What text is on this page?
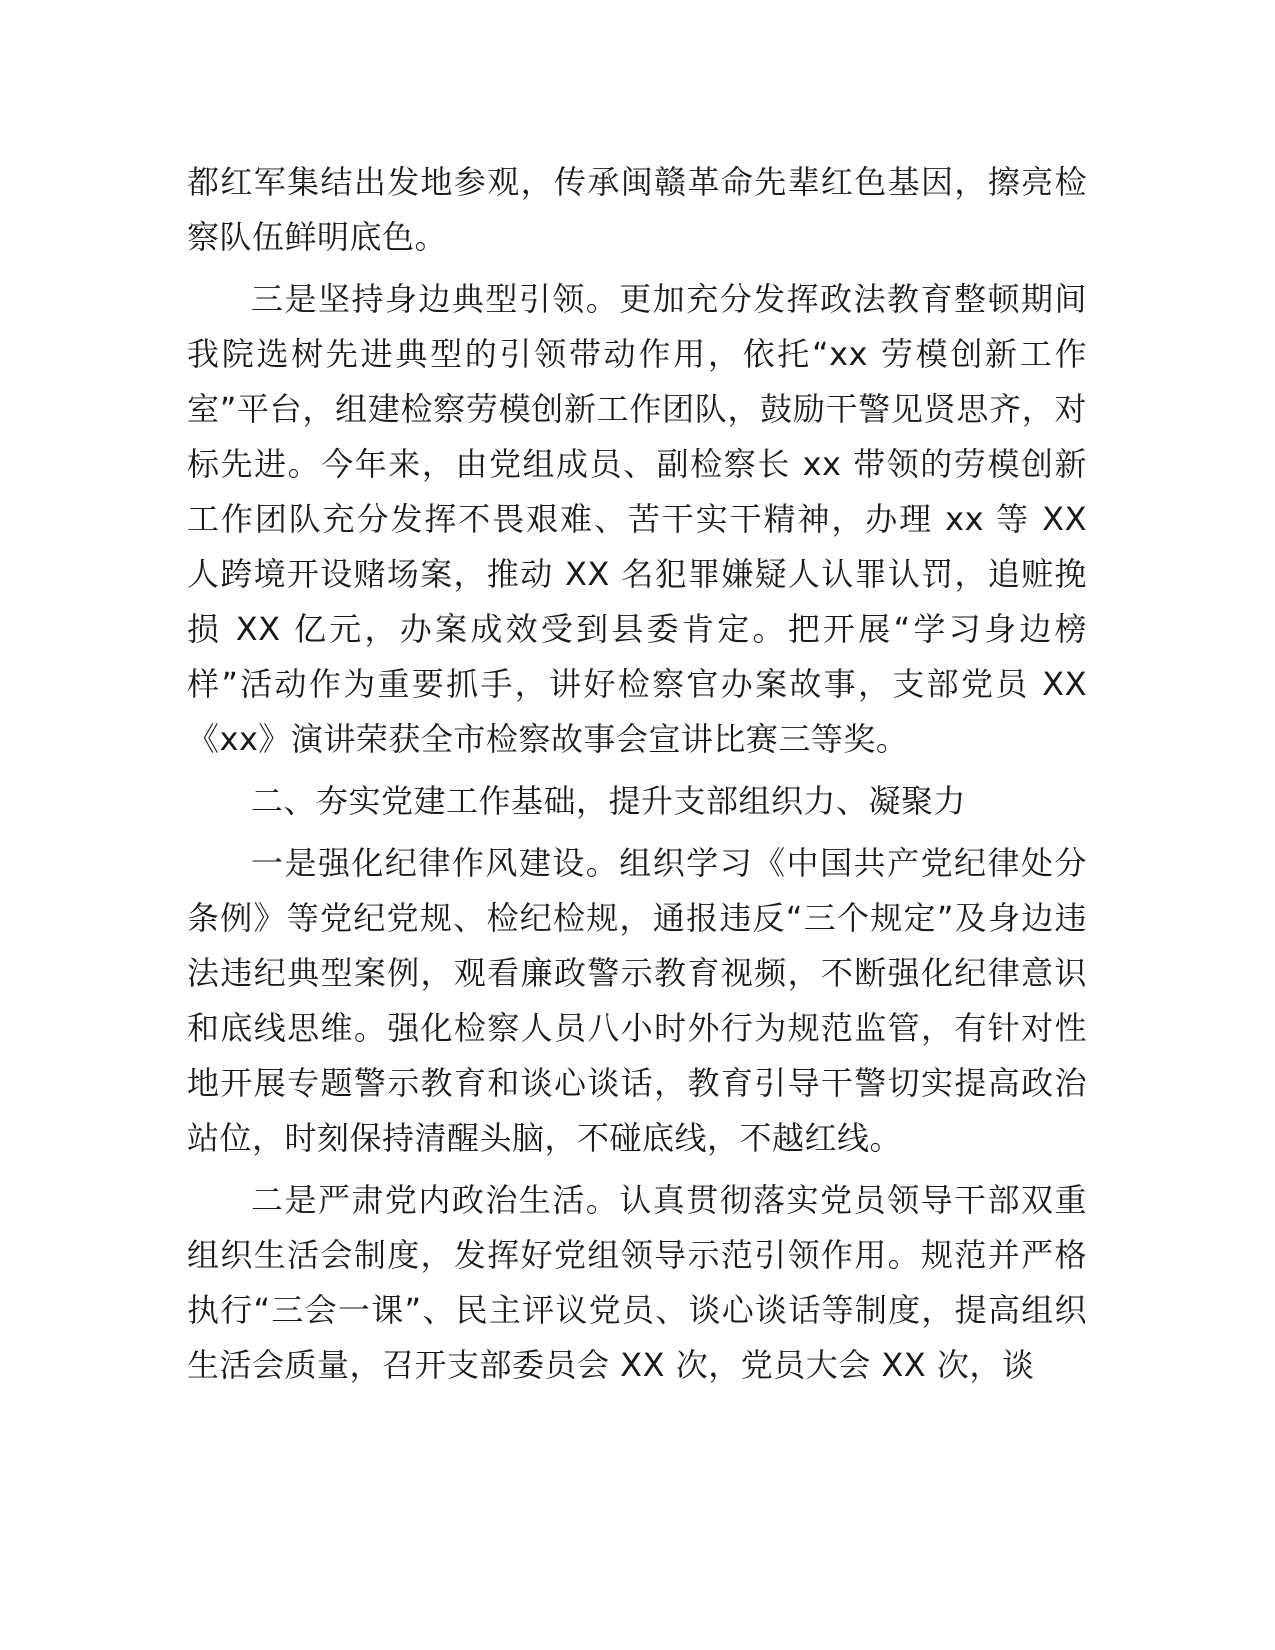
都红军集结出发地参观，传承闽赣革命先辈红色基因，擦亮检察队伍鲜明底色。

三是坚持身边典型引领。更加充分发挥政法教育整顿期间我院选树先进典型的引领带动作用，依托“xx 劳模创新工作室”平台，组建检察劳模创新工作团队，鼓励干警见贤思齐，对标先进。今年来，由党组成员、副检察长 xx 带领的劳模创新工作团队充分发挥不畏艰难、苦干实干精神，办理 xx 等 XX 人跨境开设赌场案，推动 XX 名犯罪嫌疑人认罪认罚，追赃挽损 XX 亿元，办案成效受到县委肯定。把开展“学习身边榜样”活动作为重要抓手，讲好检察官办案故事，支部党员 XX《xx》演讲荣获全市检察故事会宣讲比赛三等奖。

二、夯实党建工作基础，提升支部组织力、凝聚力

一是强化纪律作风建设。组织学习《中国共产党纪律处分条例》等党纪党规、检纪检规，通报违反“三个规定”及身边违法违纪典型案例，观看廉政警示教育视频，不断强化纪律意识和底线思维。强化检察人员八小时外行为规范监管，有针对性地开展专题警示教育和谈心谈话，教育引导干警切实提高政治站位，时刻保持清醒头脑，不碰底线，不越红线。

二是严肃党内政治生活。认真贯彻落实党员领导干部双重组织生活会制度，发挥好党组领导示范引领作用。规范并严格执行“三会一课”、民主评议党员、谈心谈话等制度，提高组织生活会质量，召开支部委员会 XX 次，党员大会 XX 次，谈
